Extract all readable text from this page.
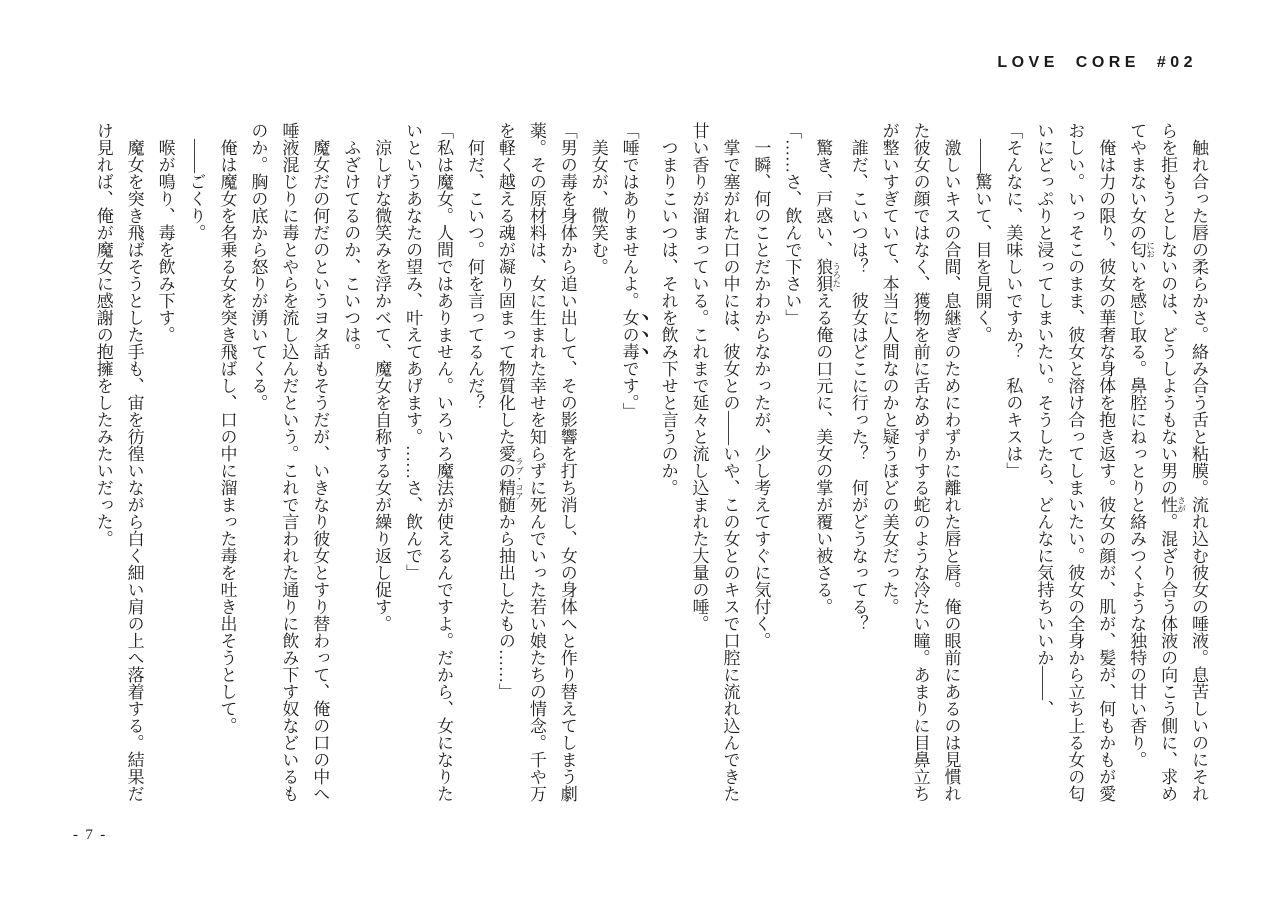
LOVE CORE #02

触れ合った唇の柔らかさ。絡み合う舌と粘膜。流れ込む彼女の唾液。息苦しいのにそれらを拒もうとしないのは、どうしようもない男の性 さが。混ざり合う体液の向こう側に、求めてやまない女の匂 においを感じ取る。鼻腔にねっとりと絡みつくような独特の甘い香り。

俺は力の限り、彼女の華奢な身体を抱き返す。彼女の顔が、肌が、髪が、何もかもが愛おしい。いっそこのまま、彼女と溶け合ってしまいたい。彼女の全身から立ち上る女の匂いにどっぷりと浸ってしまいたい。そうしたら、どんなに気持ちいいか――、

「そんなに、美味しいですか？　私のキスは」

――驚いて、目を見開く。

激しいキスの合間、息継ぎのためにわずかに離れた唇と唇。俺の眼前にあるのは見慣れた彼女の顔ではなく、獲物を前に舌なめずりする蛇のような冷たい瞳。あまりに目鼻立ちが整いすぎていて、本当に人間なのかと疑うほどの美女だった。

誰だ、こいつは？　彼女はどこに行った？　何がどうなってる？

驚き、戸惑い、狼狽 うろたえる俺の口元に、美女の掌が覆い被さる。

「……さ、飲んで下さい」

一瞬、何のことだかわからなかったが、少し考えてすぐに気付く。

掌で塞がれた口の中には、彼女との――いや、この女とのキスで口腔に流れ込んできた甘い香りが溜まっている。これまで延々と流し込まれた大量の唾。

つまりこいつは、それを飲み下せと言うのか。

「唾ではありませんよ。女の毒です。」

美女が、微笑む。

「男の毒を身体から追い出して、その影響を打ち消し、女の身体へと作り替えてしまう劇薬。その原材料は、女に生まれた幸せを知らずに死んでいった若い娘たちの情念。千や万を軽く越える魂が凝り固まって物質化した愛の精髄 ラブ・コアから抽出したもの……」

何だ、こいつ。何を言ってるんだ？

「私は魔女。人間ではありません。いろいろ魔法が使えるんですよ。だから、女になりたいというあなたの望み、叶えてあげます。……さ、飲んで」

涼しげな微笑みを浮かべて、魔女を自称する女が繰り返し促す。

ふざけてるのか、こいつは。

魔女だの何だのというヨタ話もそうだが、いきなり彼女とすり替わって、俺の口の中へ唾液混じりに毒とやらを流し込んだという。これで言われた通りに飲み下す奴などいるものか。胸の底から怒りが湧いてくる。

俺は魔女を名乗る女を突き飛ばし、口の中に溜まった毒を吐き出そうとして。

――ごくり。

喉が鳴り、毒を飲み下す。

魔女を突き飛ばそうとした手も、宙を彷徨いながら白く細い肩の上へ落着する。結果だけ見れば、俺が魔女に感謝の抱擁をしたみたいだった。

- 7 -
